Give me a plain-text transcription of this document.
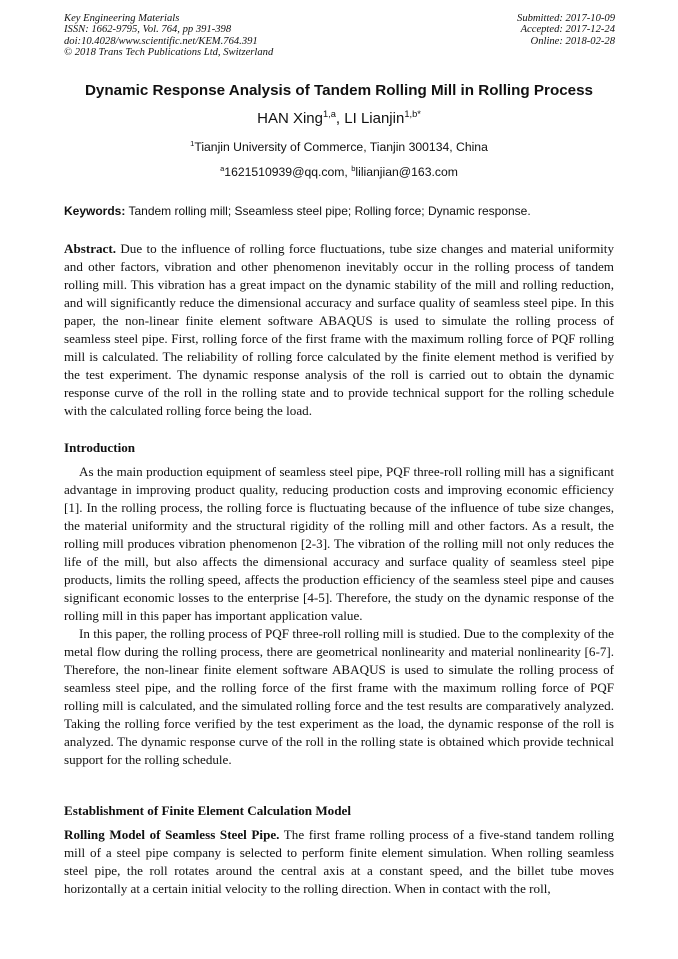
Key Engineering Materials
ISSN: 1662-9795, Vol. 764, pp 391-398
doi:10.4028/www.scientific.net/KEM.764.391
© 2018 Trans Tech Publications Ltd, Switzerland
Submitted: 2017-10-09
Accepted: 2017-12-24
Online: 2018-02-28
Dynamic Response Analysis of Tandem Rolling Mill in Rolling Process
HAN Xing$^{1,a}$, LI Lianjin$^{1,b*}$
$^1$Tianjin University of Commerce, Tianjin 300134, China
$^a$1621510939@qq.com, $^b$lilianjian@163.com
Keywords: Tandem rolling mill; Sseamless steel pipe; Rolling force; Dynamic response.

Abstract. Due to the influence of rolling force fluctuations, tube size changes and material uniformity and other factors, vibration and other phenomenon inevitably occur in the rolling process of tandem rolling mill. This vibration has a great impact on the dynamic stability of the mill and rolling reduction, and will significantly reduce the dimensional accuracy and surface quality of seamless steel pipe. In this paper, the non-linear finite element software ABAQUS is used to simulate the rolling process of seamless steel pipe. First, rolling force of the first frame with the maximum rolling force of PQF rolling mill is calculated. The reliability of rolling force calculated by the finite element method is verified by the test experiment. The dynamic response analysis of the roll is carried out to obtain the dynamic response curve of the roll in the rolling state and to provide technical support for the rolling schedule with the calculated rolling force being the load.

Introduction

As the main production equipment of seamless steel pipe, PQF three-roll rolling mill has a significant advantage in improving product quality, reducing production costs and improving economic efficiency [1]. In the rolling process, the rolling force is fluctuating because of the influence of tube size changes, the material uniformity and the structural rigidity of the rolling mill and other factors. As a result, the rolling mill produces vibration phenomenon [2-3]. The vibration of the rolling mill not only reduces the life of the mill, but also affects the dimensional accuracy and surface quality of seamless steel pipe products, limits the rolling speed, affects the production efficiency of the seamless steel pipe and causes significant economic losses to the enterprise [4-5]. Therefore, the study on the dynamic response of the rolling mill in this paper has important application value.

In this paper, the rolling process of PQF three-roll rolling mill is studied. Due to the complexity of the metal flow during the rolling process, there are geometrical nonlinearity and material nonlinearity [6-7]. Therefore, the non-linear finite element software ABAQUS is used to simulate the rolling process of seamless steel pipe, and the rolling force of the first frame with the maximum rolling force of PQF rolling mill is calculated, and the simulated rolling force and the test results are comparatively analyzed. Taking the rolling force verified by the test experiment as the load, the dynamic response of the roll is analyzed. The dynamic response curve of the roll in the rolling state is obtained which provide technical support for the rolling schedule.

Establishment of Finite Element Calculation Model

Rolling Model of Seamless Steel Pipe. The first frame rolling process of a five-stand tandem rolling mill of a steel pipe company is selected to perform finite element simulation. When rolling seamless steel pipe, the roll rotates around the central axis at a constant speed, and the billet tube moves horizontally at a certain initial velocity to the rolling direction. When in contact with the roll,
